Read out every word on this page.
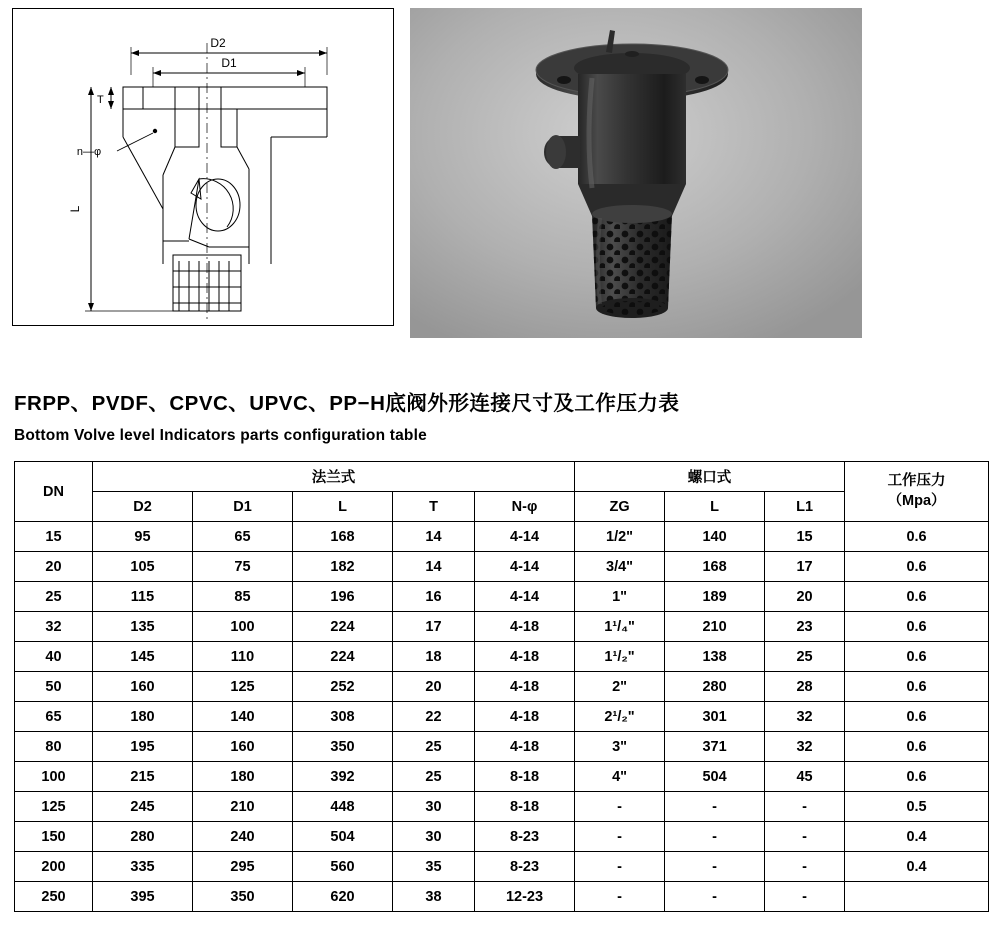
T
D2
D1
n—φ
L
FRPP、PVDF、CPVC、UPVC、PP−H底阀外形连接尺寸及工作压力表
Bottom Volve level Indicators parts configuration table
DN	法兰式					螺口式			工作压力
（Mpa）

	D2	D1	L	T	N-φ	ZG	L	L1	
15	95	65	168	14	4-14	1/2"	140	15	0.6
20	105	75	182	14	4-14	3/4"	168	17	0.6
25	115	85	196	16	4-14	1"	189	20	0.6
32	135	100	224	17	4-18	1¹/₄"	210	23	0.6
40	145	110	224	18	4-18	1¹/₂"	138	25	0.6
50	160	125	252	20	4-18	2"	280	28	0.6
65	180	140	308	22	4-18	2¹/₂"	301	32	0.6
80	195	160	350	25	4-18	3"	371	32	0.6
100	215	180	392	25	8-18	4"	504	45	0.6
125	245	210	448	30	8-18	-	-	-	0.5
150	280	240	504	30	8-23	-	-	-	0.4
200	335	295	560	35	8-23	-	-	-	0.4
250	395	350	620	38	12-23	-	-	-	
